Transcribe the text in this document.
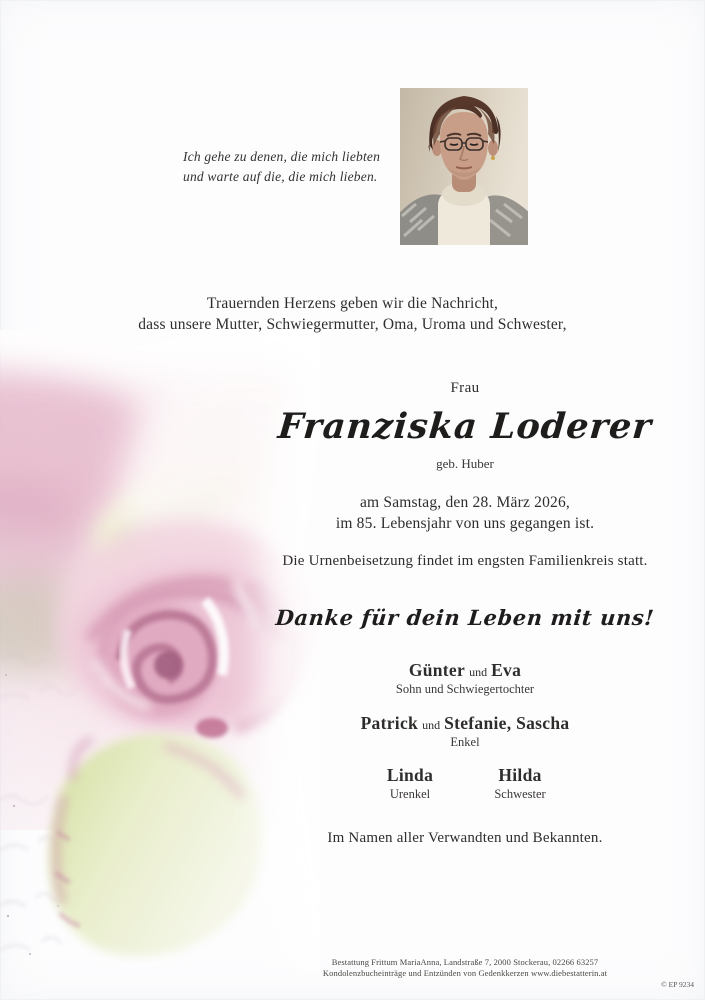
Ich gehe zu denen, die mich liebten
und warte auf die, die mich lieben.
Trauernden Herzens geben wir die Nachricht,
dass unsere Mutter, Schwiegermutter, Oma, Uroma und Schwester,
Frau
Franziska Loderer
geb. Huber
am Samstag, den 28. März 2026,
im 85. Lebensjahr von uns gegangen ist.
Die Urnenbeisetzung findet im engsten Familienkreis statt.
Danke für dein Leben mit uns!
Günter und Eva
Sohn und Schwiegertochter
Patrick und Stefanie, Sascha
Enkel
Linda
Urenkel
Hilda
Schwester
Im Namen aller Verwandten und Bekannten.
Bestattung Frittum MariaAnna, Landstraße 7, 2000 Stockerau, 02266 63257
Kondolenzbucheinträge und Entzünden von Gedenkkerzen www.diebestatterin.at
© EP 9234
